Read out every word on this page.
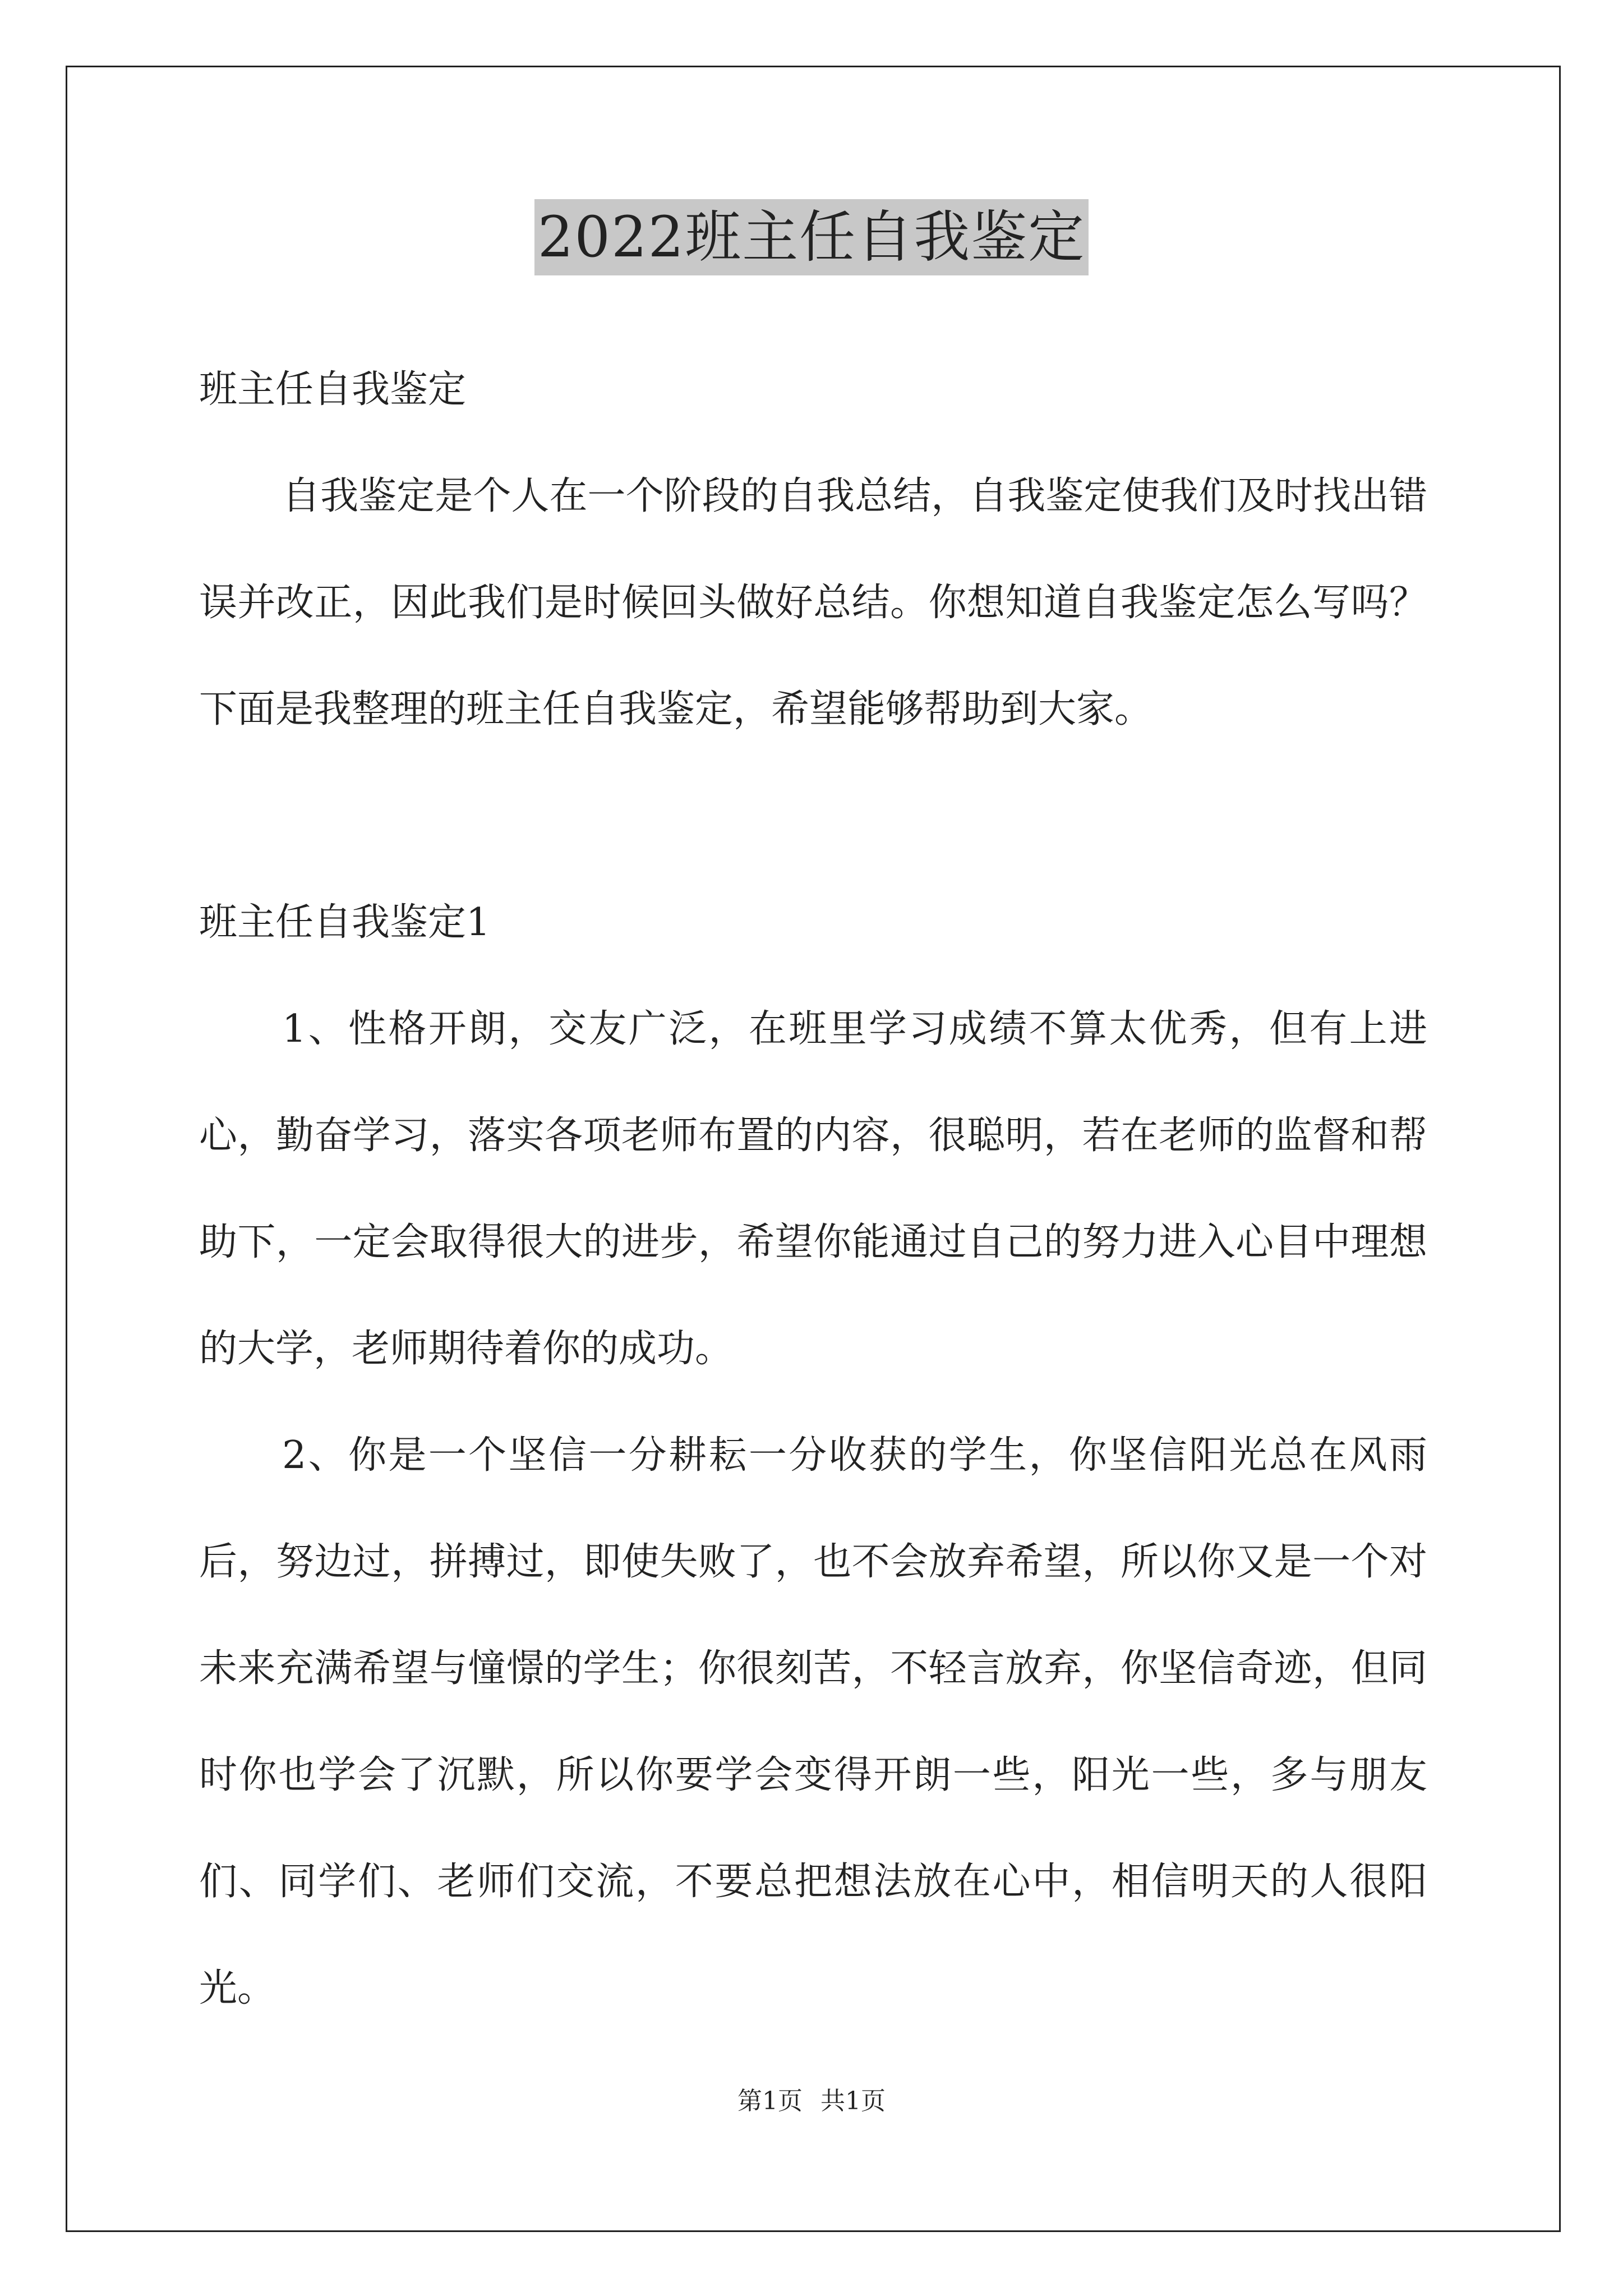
2022班主任自我鉴定

班主任自我鉴定

自我鉴定是个人在一个阶段的自我总结，自我鉴定使我们及时找出错误并改正，因此我们是时候回头做好总结。你想知道自我鉴定怎么写吗？下面是我整理的班主任自我鉴定，希望能够帮助到大家。

班主任自我鉴定1

1、性格开朗，交友广泛，在班里学习成绩不算太优秀，但有上进心，勤奋学习，落实各项老师布置的内容，很聪明，若在老师的监督和帮助下，一定会取得很大的进步，希望你能通过自己的努力进入心目中理想的大学，老师期待着你的成功。

2、你是一个坚信一分耕耘一分收获的学生，你坚信阳光总在风雨后，努边过，拼搏过，即使失败了，也不会放弃希望，所以你又是一个对未来充满希望与憧憬的学生；你很刻苦，不轻言放弃，你坚信奇迹，但同时你也学会了沉默，所以你要学会变得开朗一些，阳光一些，多与朋友们、同学们、老师们交流，不要总把想法放在心中，相信明天的人很阳光。

第1页 共1页
